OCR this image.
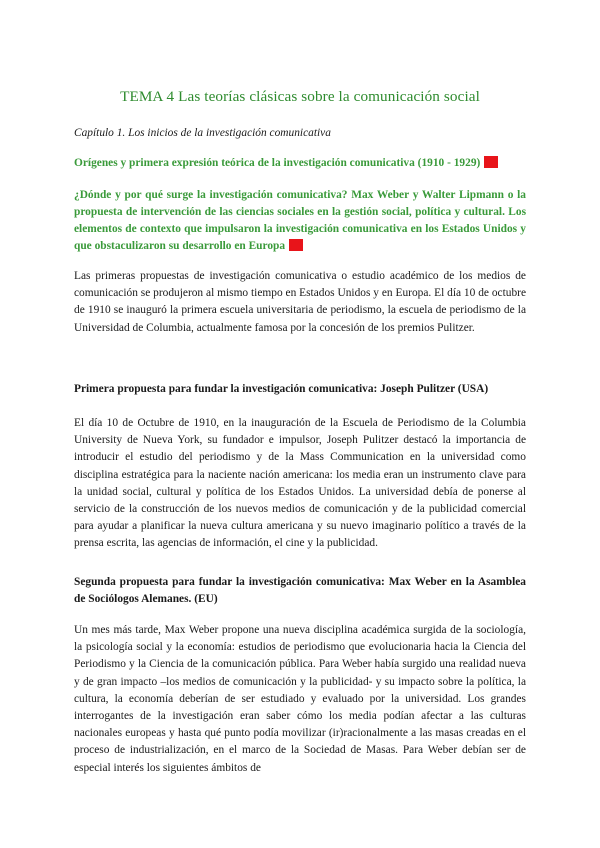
TEMA 4 Las teorías clásicas sobre la comunicación social
Capítulo 1. Los inicios de la investigación comunicativa
Orígenes y primera expresión teórica de la investigación comunicativa (1910 - 1929)
¿Dónde y por qué surge la investigación comunicativa? Max Weber y Walter Lipmann o la propuesta de intervención de las ciencias sociales en la gestión social, política y cultural. Los elementos de contexto que impulsaron la investigación comunicativa en los Estados Unidos y que obstaculizaron su desarrollo en Europa
Las primeras propuestas de investigación comunicativa o estudio académico de los medios de comunicación se produjeron al mismo tiempo en Estados Unidos y en Europa. El día 10 de octubre de 1910 se inauguró la primera escuela universitaria de periodismo, la escuela de periodismo de la Universidad de Columbia, actualmente famosa por la concesión de los premios Pulitzer.
Primera propuesta para fundar la investigación comunicativa: Joseph Pulitzer (USA)
El día 10 de Octubre de 1910, en la inauguración de la Escuela de Periodismo de la Columbia University de Nueva York, su fundador e impulsor, Joseph Pulitzer destacó la importancia de introducir el estudio del periodismo y de la Mass Communication en la universidad como disciplina estratégica para la naciente nación americana: los media eran un instrumento clave para la unidad social, cultural y política de los Estados Unidos. La universidad debía de ponerse al servicio de la construcción de los nuevos medios de comunicación y de la publicidad comercial para ayudar a planificar la nueva cultura americana y su nuevo imaginario político a través de la prensa escrita, las agencias de información, el cine y la publicidad.
Segunda propuesta para fundar la investigación comunicativa: Max Weber en la Asamblea de Sociólogos Alemanes. (EU)
Un mes más tarde, Max Weber propone una nueva disciplina académica surgida de la sociología, la psicología social y la economía: estudios de periodismo que evolucionaria hacia la Ciencia del Periodismo y la Ciencia de la comunicación pública. Para Weber había surgido una realidad nueva y de gran impacto –los medios de comunicación y la publicidad- y su impacto sobre la política, la cultura, la economía deberían de ser estudiado y evaluado por la universidad. Los grandes interrogantes de la investigación eran saber cómo los media podían afectar a las culturas nacionales europeas y hasta qué punto podía movilizar (ir)racionalmente a las masas creadas en el proceso de industrialización, en el marco de la Sociedad de Masas. Para Weber debían ser de especial interés los siguientes ámbitos de
